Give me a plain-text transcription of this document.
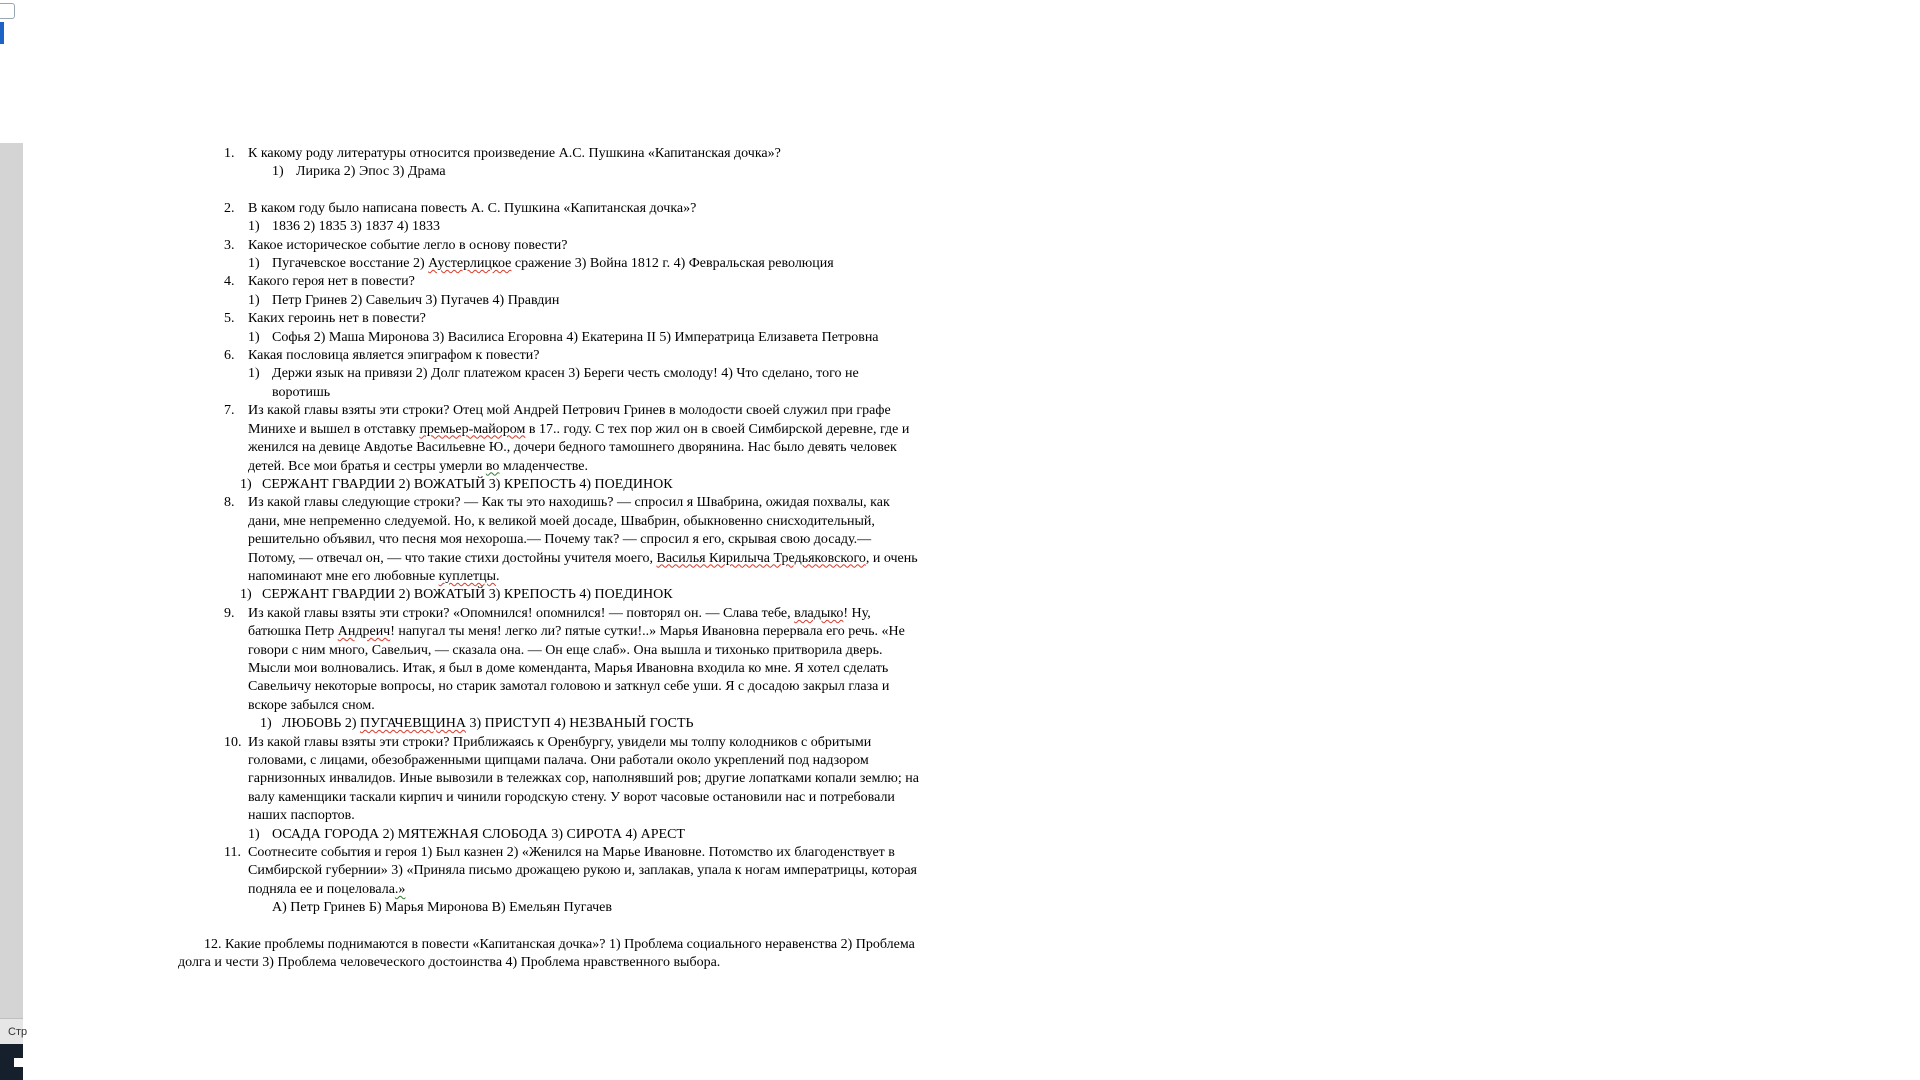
Стр
1. К какому роду литературы относится произведение А.С. Пушкина «Капитанская дочка»?
1) Лирика 2) Эпос 3) Драма
2. В каком году было написана повесть А. С. Пушкина «Капитанская дочка»?
1) 1836 2) 1835 3) 1837 4) 1833
3. Какое историческое событие легло в основу повести?
1) Пугачевское восстание 2) Аустерлицкое сражение 3) Война 1812 г. 4) Февральская революция
4. Какого героя нет в повести?
1) Петр Гринев 2) Савельич 3) Пугачев 4) Правдин
5. Каких героинь нет в повести?
1) Софья 2) Маша Миронова 3) Василиса Егоровна 4) Екатерина II 5) Императрица Елизавета Петровна
6. Какая пословица является эпиграфом к повести?
1) Держи язык на привязи 2) Долг платежом красен 3) Береги честь смолоду! 4) Что сделано, того не воротишь
7. Из какой главы взяты эти строки? Отец мой Андрей Петрович Гринев в молодости своей служил при графе Минихе и вышел в отставку премьер-майором в 17.. году. С тех пор жил он в своей Симбирской деревне, где и женился на девице Авдотье Васильевне Ю., дочери бедного тамошнего дворянина. Нас было девять человек детей. Все мои братья и сестры умерли во младенчестве.
1) СЕРЖАНТ ГВАРДИИ 2) ВОЖАТЫЙ 3) КРЕПОСТЬ 4) ПОЕДИНОК
8. Из какой главы следующие строки? — Как ты это находишь? — спросил я Швабрина, ожидая похвалы, как дани, мне непременно следуемой. Но, к великой моей досаде, Швабрин, обыкновенно снисходительный, решительно объявил, что песня моя нехороша.— Почему так? — спросил я его, скрывая свою досаду.— Потому, — отвечал он, — что такие стихи достойны учителя моего, Василья Кирилыча Тредьяковского, и очень напоминают мне его любовные куплетцы.
1) СЕРЖАНТ ГВАРДИИ 2) ВОЖАТЫЙ 3) КРЕПОСТЬ 4) ПОЕДИНОК
9. Из какой главы взяты эти строки? «Опомнился! опомнился! — повторял он. — Слава тебе, владыко! Ну, батюшка Петр Андреич! напугал ты меня! легко ли? пятые сутки!..» Марья Ивановна перервала его речь. «Не говори с ним много, Савельич, — сказала она. — Он еще слаб». Она вышла и тихонько притворила дверь. Мысли мои волновались. Итак, я был в доме коменданта, Марья Ивановна входила ко мне. Я хотел сделать Савельичу некоторые вопросы, но старик замотал головою и заткнул себе уши. Я с досадою закрыл глаза и вскоре забылся сном.
1) ЛЮБОВЬ 2) ПУГАЧЕВЩИНА 3) ПРИСТУП 4) НЕЗВАНЫЙ ГОСТЬ
10. Из какой главы взяты эти строки? Приближаясь к Оренбургу, увидели мы толпу колодников с обритыми головами, с лицами, обезображенными щипцами палача. Они работали около укреплений под надзором гарнизонных инвалидов. Иные вывозили в тележках сор, наполнявший ров; другие лопатками копали землю; на валу каменщики таскали кирпич и чинили городскую стену. У ворот часовые остановили нас и потребовали наших паспортов.
1) ОСАДА ГОРОДА 2) МЯТЕЖНАЯ СЛОБОДА 3) СИРОТА 4) АРЕСТ
11. Соотнесите события и героя 1) Был казнен 2) «Женился на Марье Ивановне. Потомство их благоденствует в Симбирской губернии» 3) «Приняла письмо дрожащею рукою и, заплакав, упала к ногам императрицы, которая подняла ее и поцеловала.»
А) Петр Гринев Б) Марья Миронова В) Емельян Пугачев
12. Какие проблемы поднимаются в повести «Капитанская дочка»? 1) Проблема социального неравенства 2) Проблема долга и чести 3) Проблема человеческого достоинства 4) Проблема нравственного выбора.
